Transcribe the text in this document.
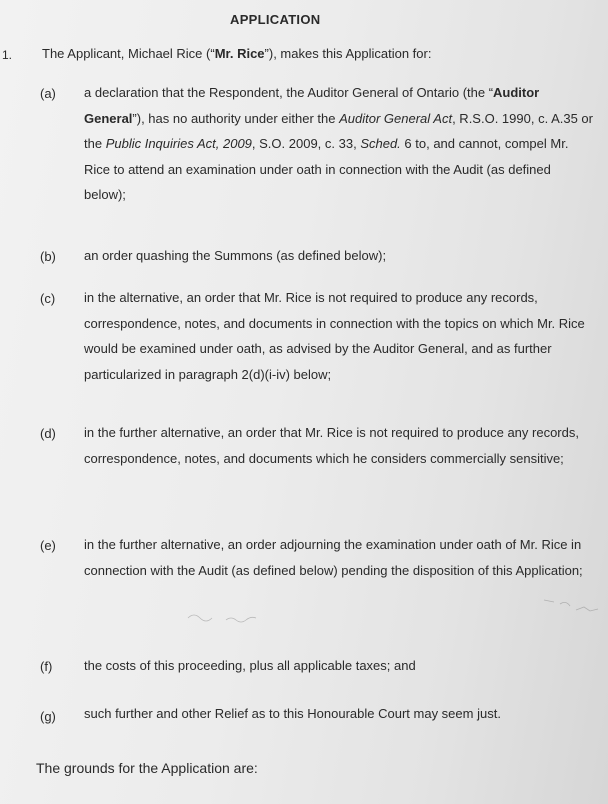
APPLICATION
1. The Applicant, Michael Rice (“Mr. Rice”), makes this Application for:
(a) a declaration that the Respondent, the Auditor General of Ontario (the “Auditor General”), has no authority under either the Auditor General Act, R.S.O. 1990, c. A.35 or the Public Inquiries Act, 2009, S.O. 2009, c. 33, Sched. 6 to, and cannot, compel Mr. Rice to attend an examination under oath in connection with the Audit (as defined below);

(b) an order quashing the Summons (as defined below);

(c) in the alternative, an order that Mr. Rice is not required to produce any records, correspondence, notes, and documents in connection with the topics on which Mr. Rice would be examined under oath, as advised by the Auditor General, and as further particularized in paragraph 2(d)(i-iv) below;

(d) in the further alternative, an order that Mr. Rice is not required to produce any records, correspondence, notes, and documents which he considers commercially sensitive;

(e) in the further alternative, an order adjourning the examination under oath of Mr. Rice in connection with the Audit (as defined below) pending the disposition of this Application;

(f) the costs of this proceeding, plus all applicable taxes; and

(g) such further and other Relief as to this Honourable Court may seem just.

The grounds for the Application are:
